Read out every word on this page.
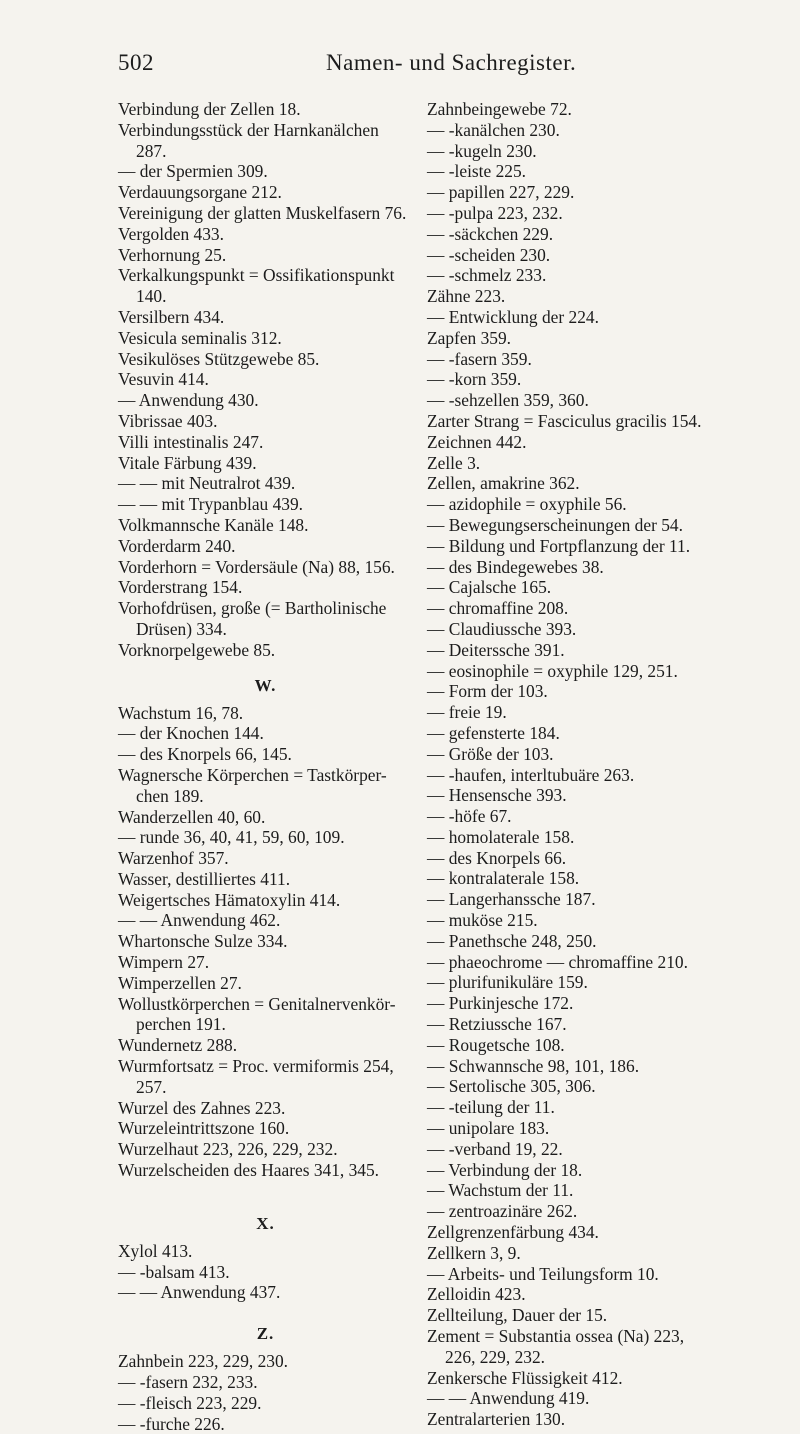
502	Namen- und Sachregister.
Verbindung der Zellen 18.
Verbindungsstück der Harnkanälchen
287.
— der Spermien 309.
Verdauungsorgane 212.
Vereinigung der glatten Muskelfasern 76.
Vergolden 433.
Verhornung 25.
Verkalkungspunkt = Ossifikationspunkt
140.
Versilbern 434.
Vesicula seminalis 312.
Vesikulöses Stützgewebe 85.
Vesuvin 414.
— Anwendung 430.
Vibrissae 403.
Villi intestinalis 247.
Vitale Färbung 439.
— — mit Neutralrot 439.
— — mit Trypanblau 439.
Volkmannsche Kanäle 148.
Vorderdarm 240.
Vorderhorn = Vordersäule (Na) 88, 156.
Vorderstrang 154.
Vorhofdrüsen, große (= Bartholinische
Drüsen) 334.
Vorknorpelgewebe 85.
W.
Wachstum 16, 78.
— der Knochen 144.
— des Knorpels 66, 145.
Wagnersche Körperchen = Tastkörper-
chen 189.
Wanderzellen 40, 60.
— runde 36, 40, 41, 59, 60, 109.
Warzenhof 357.
Wasser, destilliertes 411.
Weigertsches Hämatoxylin 414.
— — Anwendung 462.
Whartonsche Sulze 334.
Wimpern 27.
Wimperzellen 27.
Wollustkörperchen = Genitalnervenkör-
perchen 191.
Wundernetz 288.
Wurmfortsatz = Proc. vermiformis 254,
257.
Wurzel des Zahnes 223.
Wurzeleintrittszone 160.
Wurzelhaut 223, 226, 229, 232.
Wurzelscheiden des Haares 341, 345.
X.
Xylol 413.
— -balsam 413.
— — Anwendung 437.
Z.
Zahnbein 223, 229, 230.
— -fasern 232, 233.
— -fleisch 223, 229.
— -furche 226.
Zahnbeingewebe 72.
— -kanälchen 230.
— -kugeln 230.
— -leiste 225.
— papillen 227, 229.
— -pulpa 223, 232.
— -säckchen 229.
— -scheiden 230.
— -schmelz 233.
Zähne 223.
— Entwicklung der 224.
Zapfen 359.
— -fasern 359.
— -korn 359.
— -sehzellen 359, 360.
Zarter Strang = Fasciculus gracilis 154.
Zeichnen 442.
Zelle 3.
Zellen, amakrine 362.
— azidophile = oxyphile 56.
— Bewegungserscheinungen der 54.
— Bildung und Fortpflanzung der 11.
— des Bindegewebes 38.
— Cajalsche 165.
— chromaffine 208.
— Claudiussche 393.
— Deiterssche 391.
— eosinophile = oxyphile 129, 251.
— Form der 103.
— freie 19.
— gefensterte 184.
— Größe der 103.
— -haufen, interltubuäre 263.
— Hensensche 393.
— -höfe 67.
— homolaterale 158.
— des Knorpels 66.
— kontralaterale 158.
— Langerhanssche 187.
— muköse 215.
— Panethsche 248, 250.
— phaeochrome — chromaffine 210.
— plurifunikuläre 159.
— Purkinjesche 172.
— Retziussche 167.
— Rougetsche 108.
— Schwannsche 98, 101, 186.
— Sertolische 305, 306.
— -teilung der 11.
— unipolare 183.
— -verband 19, 22.
— Verbindung der 18.
— Wachstum der 11.
— zentroazinäre 262.
Zellgrenzenfärbung 434.
Zellkern 3, 9.
— Arbeits- und Teilungsform 10.
Zelloidin 423.
Zellteilung, Dauer der 15.
Zement = Substantia ossea (Na) 223,
226, 229, 232.
Zenkersche Flüssigkeit 412.
— — Anwendung 419.
Zentralarterien 130.
